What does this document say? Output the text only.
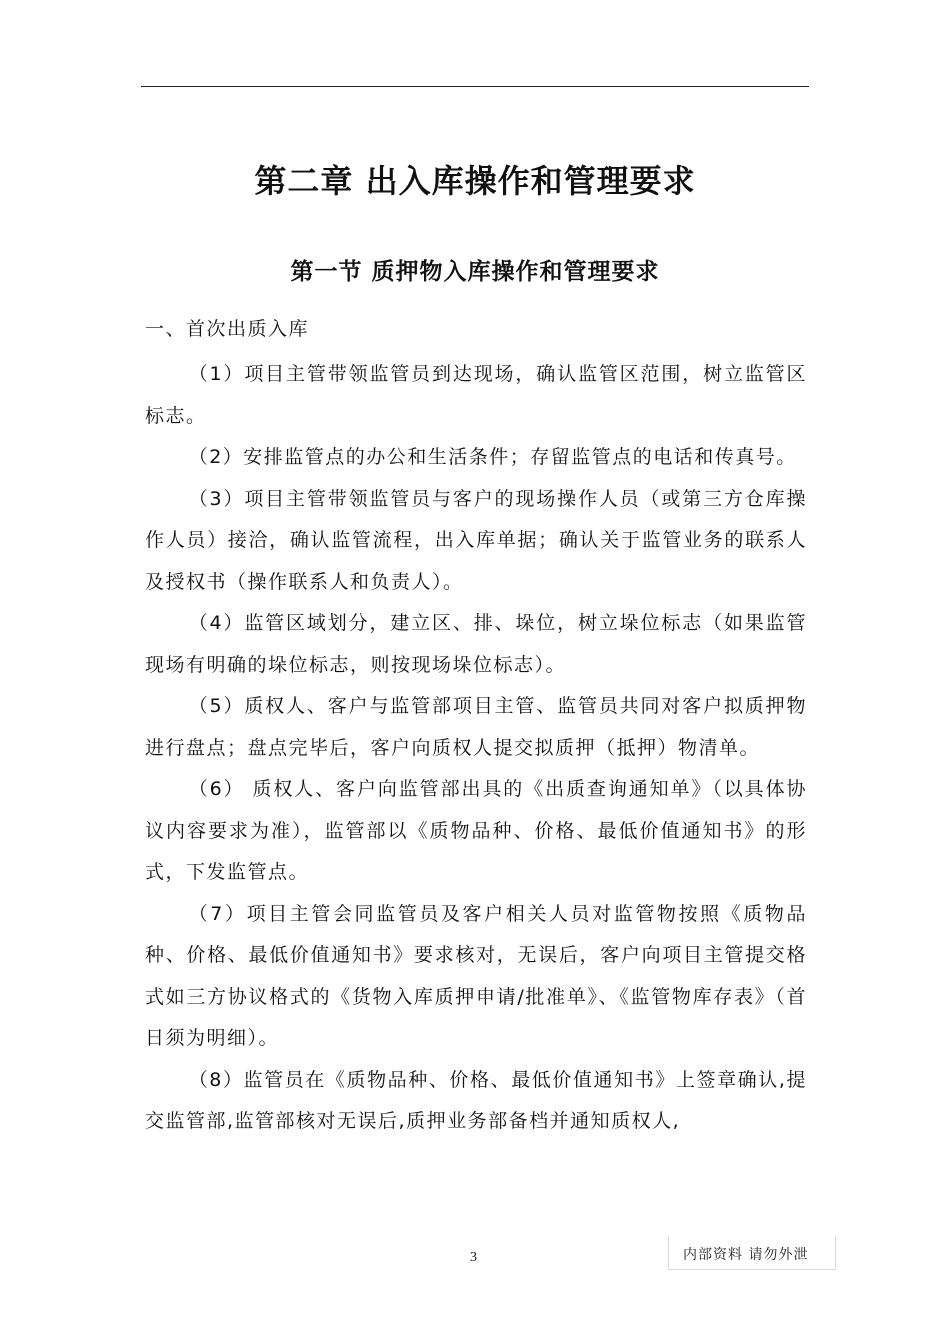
第二章 出入库操作和管理要求
第一节 质押物入库操作和管理要求

一、首次出质入库

（1）项目主管带领监管员到达现场，确认监管区范围，树立监管区标志。

（2）安排监管点的办公和生活条件；存留监管点的电话和传真号。

（3）项目主管带领监管员与客户的现场操作人员（或第三方仓库操作人员）接洽，确认监管流程，出入库单据；确认关于监管业务的联系人及授权书（操作联系人和负责人）。

（4）监管区域划分，建立区、排、垛位，树立垛位标志（如果监管现场有明确的垛位标志，则按现场垛位标志）。

（5）质权人、客户与监管部项目主管、监管员共同对客户拟质押物进行盘点；盘点完毕后，客户向质权人提交拟质押（抵押）物清单。

（6） 质权人、客户向监管部出具的《出质查询通知单》（以具体协议内容要求为准），监管部以《质物品种、价格、最低价值通知书》的形式，下发监管点。

（7）项目主管会同监管员及客户相关人员对监管物按照《质物品种、价格、最低价值通知书》要求核对，无误后，客户向项目主管提交格式如三方协议格式的《货物入库质押申请/批准单》、《监管物库存表》（首日须为明细）。

（8）监管员在《质物品种、价格、最低价值通知书》上签章确认,提交监管部,监管部核对无误后,质押业务部备档并通知质权人,

3	内部资料 请勿外泄
